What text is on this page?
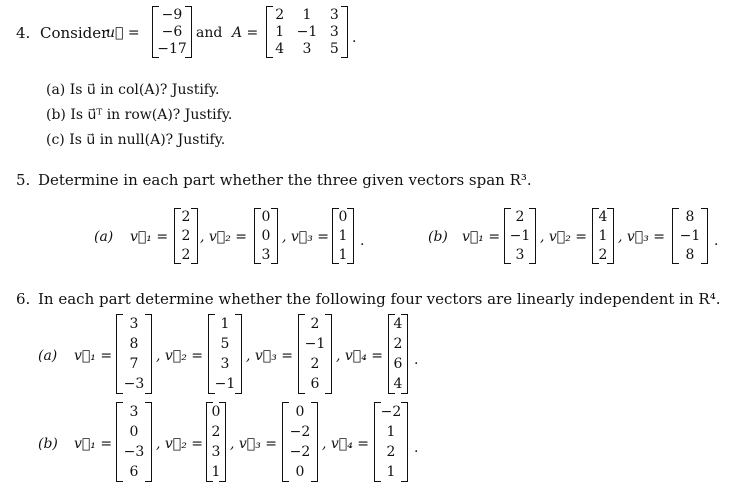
4. Consider
u⃗ =
−9
−6
−17
and A =
2	1	3
1 −1 3
4	3	5
.
(a) Is u⃗ in col(A)? Justify.
(b) Is u⃗ᵀ in row(A)? Justify.
(c) Is u⃗ in null(A)? Justify.
5. Determine in each part whether the three given vectors span R³.
(a) v⃗₁ =
2
2
2
, v⃗₂ =
0
0
3
, v⃗₃ =
0
1
1
.	(b) v⃗₁ =
2
−1
3
, v⃗₂ =
4
1
2
, v⃗₃ =
8
−1
8
.
6. In each part determine whether the following four vectors are linearly independent in R⁴.
(a) v⃗₁ =
3
8
7
−3
, v⃗₂ =
1
5
3
−1
, v⃗₃ =
2
−1
2
6
, v⃗₄ =
4
2
6
4
.
(b) v⃗₁ =
3
0
−3
6
, v⃗₂ =
0
2
3
1
, v⃗₃ =
0
−2
−2
0
, v⃗₄ =
−2
1
2
1
.
